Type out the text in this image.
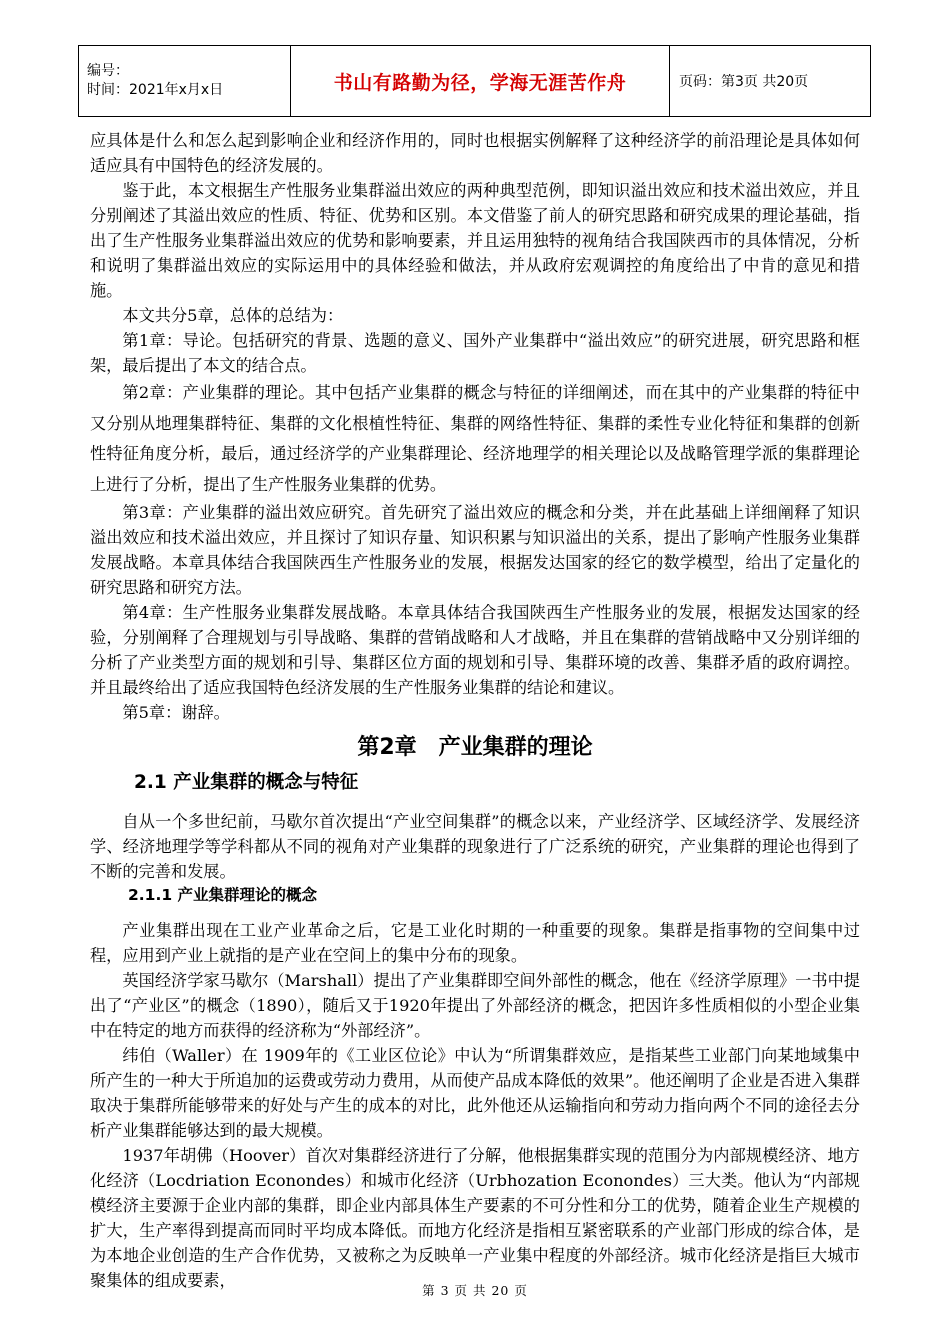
编号：
时间：2021年x月x日	书山有路勤为径，学海无涯苦作舟	页码：第3页 共20页

应具体是什么和怎么起到影响企业和经济作用的，同时也根据实例解释了这种经济学的前沿理论是具体如何适应具有中国特色的经济发展的。

鉴于此，本文根据生产性服务业集群溢出效应的两种典型范例，即知识溢出效应和技术溢出效应，并且分别阐述了其溢出效应的性质、特征、优势和区别。本文借鉴了前人的研究思路和研究成果的理论基础，指出了生产性服务业集群溢出效应的优势和影响要素，并且运用独特的视角结合我国陕西市的具体情况，分析和说明了集群溢出效应的实际运用中的具体经验和做法，并从政府宏观调控的角度给出了中肯的意见和措施。

本文共分5章，总体的总结为：

第1章：导论。包括研究的背景、选题的意义、国外产业集群中“溢出效应”的研究进展，研究思路和框架，最后提出了本文的结合点。

第2章：产业集群的理论。其中包括产业集群的概念与特征的详细阐述，而在其中的产业集群的特征中又分别从地理集群特征、集群的文化根植性特征、集群的网络性特征、集群的柔性专业化特征和集群的创新性特征角度分析，最后，通过经济学的产业集群理论、经济地理学的相关理论以及战略管理学派的集群理论上进行了分析，提出了生产性服务业集群的优势。

第3章：产业集群的溢出效应研究。首先研究了溢出效应的概念和分类，并在此基础上详细阐释了知识溢出效应和技术溢出效应，并且探讨了知识存量、知识积累与知识溢出的关系，提出了影响产性服务业集群发展战略。本章具体结合我国陕西生产性服务业的发展，根据发达国家的经它的数学模型，给出了定量化的研究思路和研究方法。

第4章：生产性服务业集群发展战略。本章具体结合我国陕西生产性服务业的发展，根据发达国家的经验，分别阐释了合理规划与引导战略、集群的营销战略和人才战略，并且在集群的营销战略中又分别详细的分析了产业类型方面的规划和引导、集群区位方面的规划和引导、集群环境的改善、集群矛盾的政府调控。并且最终给出了适应我国特色经济发展的生产性服务业集群的结论和建议。

第5章：谢辞。

第2章　产业集群的理论
2.1 产业集群的概念与特征

自从一个多世纪前，马歇尔首次提出“产业空间集群”的概念以来，产业经济学、区域经济学、发展经济学、经济地理学等学科都从不同的视角对产业集群的现象进行了广泛系统的研究，产业集群的理论也得到了不断的完善和发展。

2.1.1 产业集群理论的概念

产业集群出现在工业产业革命之后，它是工业化时期的一种重要的现象。集群是指事物的空间集中过程，应用到产业上就指的是产业在空间上的集中分布的现象。

英国经济学家马歇尔（Marshall）提出了产业集群即空间外部性的概念，他在《经济学原理》一书中提出了“产业区”的概念（1890），随后又于1920年提出了外部经济的概念，把因许多性质相似的小型企业集中在特定的地方而获得的经济称为“外部经济”。

纬伯（Waller）在 1909年的《工业区位论》中认为“所谓集群效应，是指某些工业部门向某地域集中所产生的一种大于所追加的运费或劳动力费用，从而使产品成本降低的效果”。他还阐明了企业是否进入集群取决于集群所能够带来的好处与产生的成本的对比，此外他还从运输指向和劳动力指向两个不同的途径去分析产业集群能够达到的最大规模。

1937年胡佛（Hoover）首次对集群经济进行了分解，他根据集群实现的范围分为内部规模经济、地方化经济（Locdriation Econondes）和城市化经济（Urbhozation Econondes）三大类。他认为“内部规模经济主要源于企业内部的集群，即企业内部具体生产要素的不可分性和分工的优势，随着企业生产规模的扩大，生产率得到提高而同时平均成本降低。而地方化经济是指相互紧密联系的产业部门形成的综合体，是为本地企业创造的生产合作优势，又被称之为反映单一产业集中程度的外部经济。城市化经济是指巨大城市聚集体的组成要素，

第 3 页 共 20 页
